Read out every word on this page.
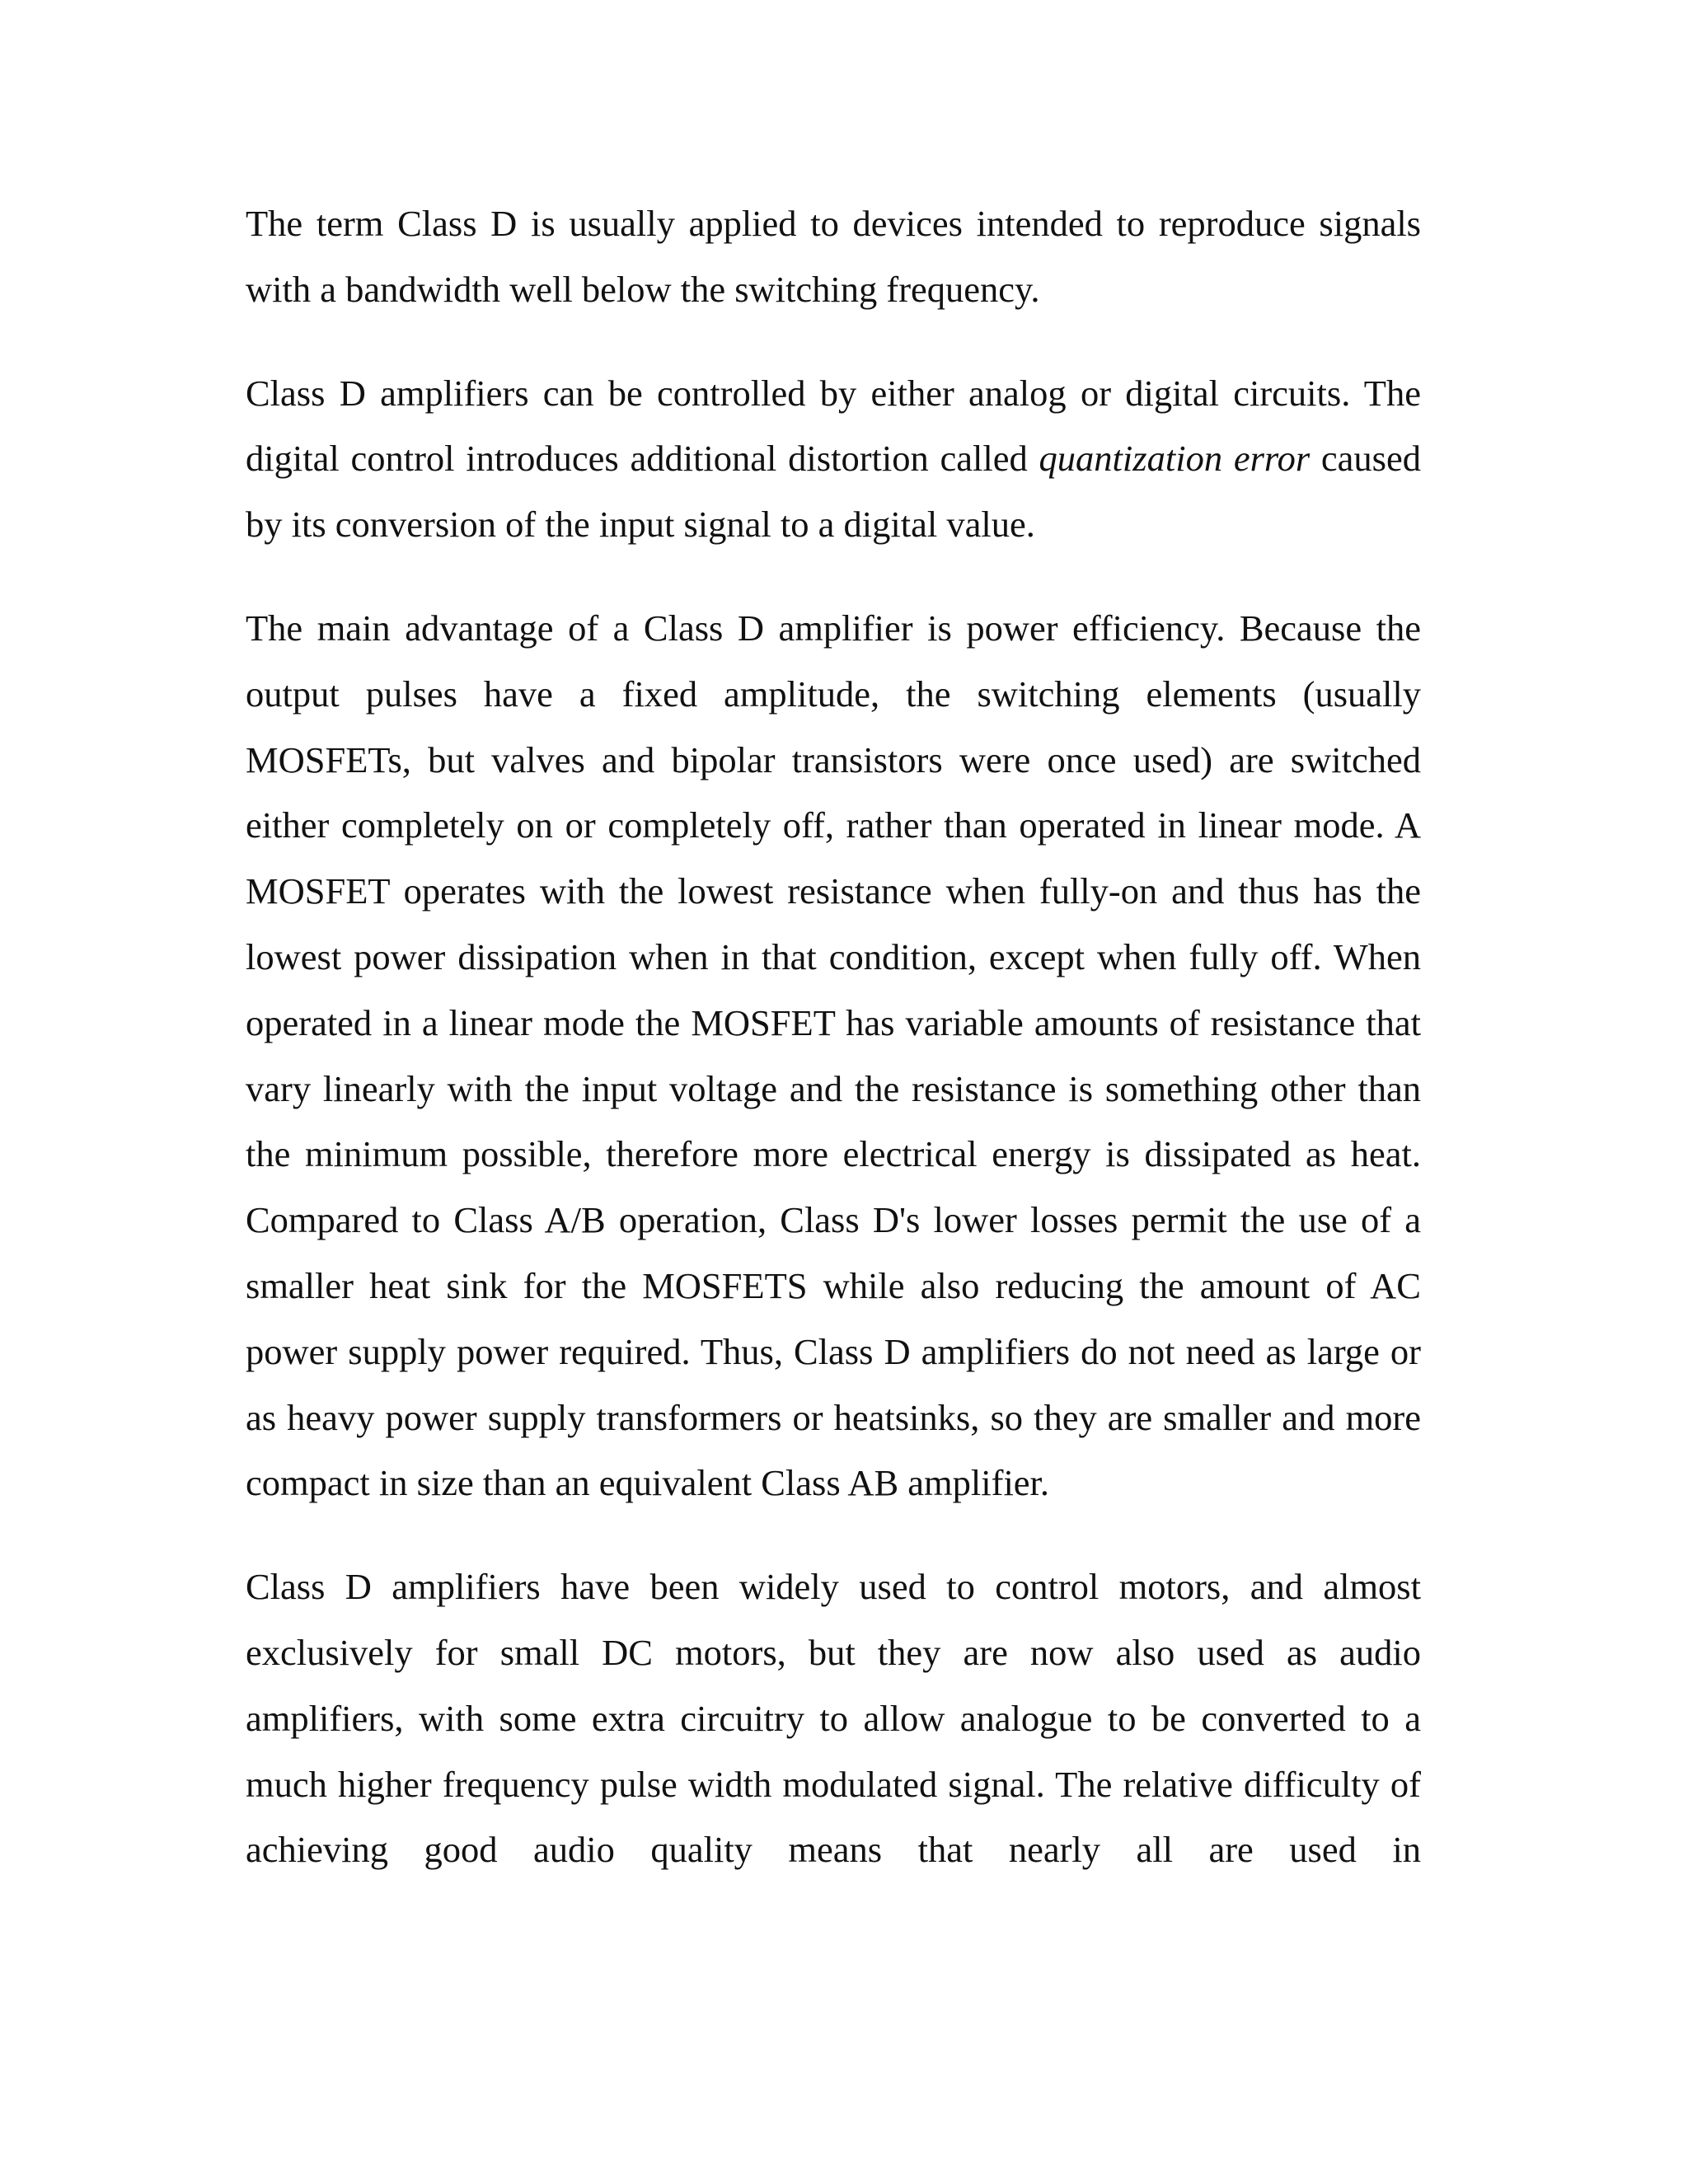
The term Class D is usually applied to devices intended to reproduce signals with a bandwidth well below the switching frequency.

Class D amplifiers can be controlled by either analog or digital circuits. The digital control introduces additional distortion called quantization error caused by its conversion of the input signal to a digital value.

The main advantage of a Class D amplifier is power efficiency. Because the output pulses have a fixed amplitude, the switching elements (usually MOSFETs, but valves and bipolar transistors were once used) are switched either completely on or completely off, rather than operated in linear mode. A MOSFET operates with the lowest resistance when fully-on and thus has the lowest power dissipation when in that condition, except when fully off. When operated in a linear mode the MOSFET has variable amounts of resistance that vary linearly with the input voltage and the resistance is something other than the minimum possible, therefore more electrical energy is dissipated as heat. Compared to Class A/B operation, Class D's lower losses permit the use of a smaller heat sink for the MOSFETS while also reducing the amount of AC power supply power required. Thus, Class D amplifiers do not need as large or as heavy power supply transformers or heatsinks, so they are smaller and more compact in size than an equivalent Class AB amplifier.

Class D amplifiers have been widely used to control motors, and almost exclusively for small DC motors, but they are now also used as audio amplifiers, with some extra circuitry to allow analogue to be converted to a much higher frequency pulse width modulated signal. The relative difficulty of achieving good audio quality means that nearly all are used in
